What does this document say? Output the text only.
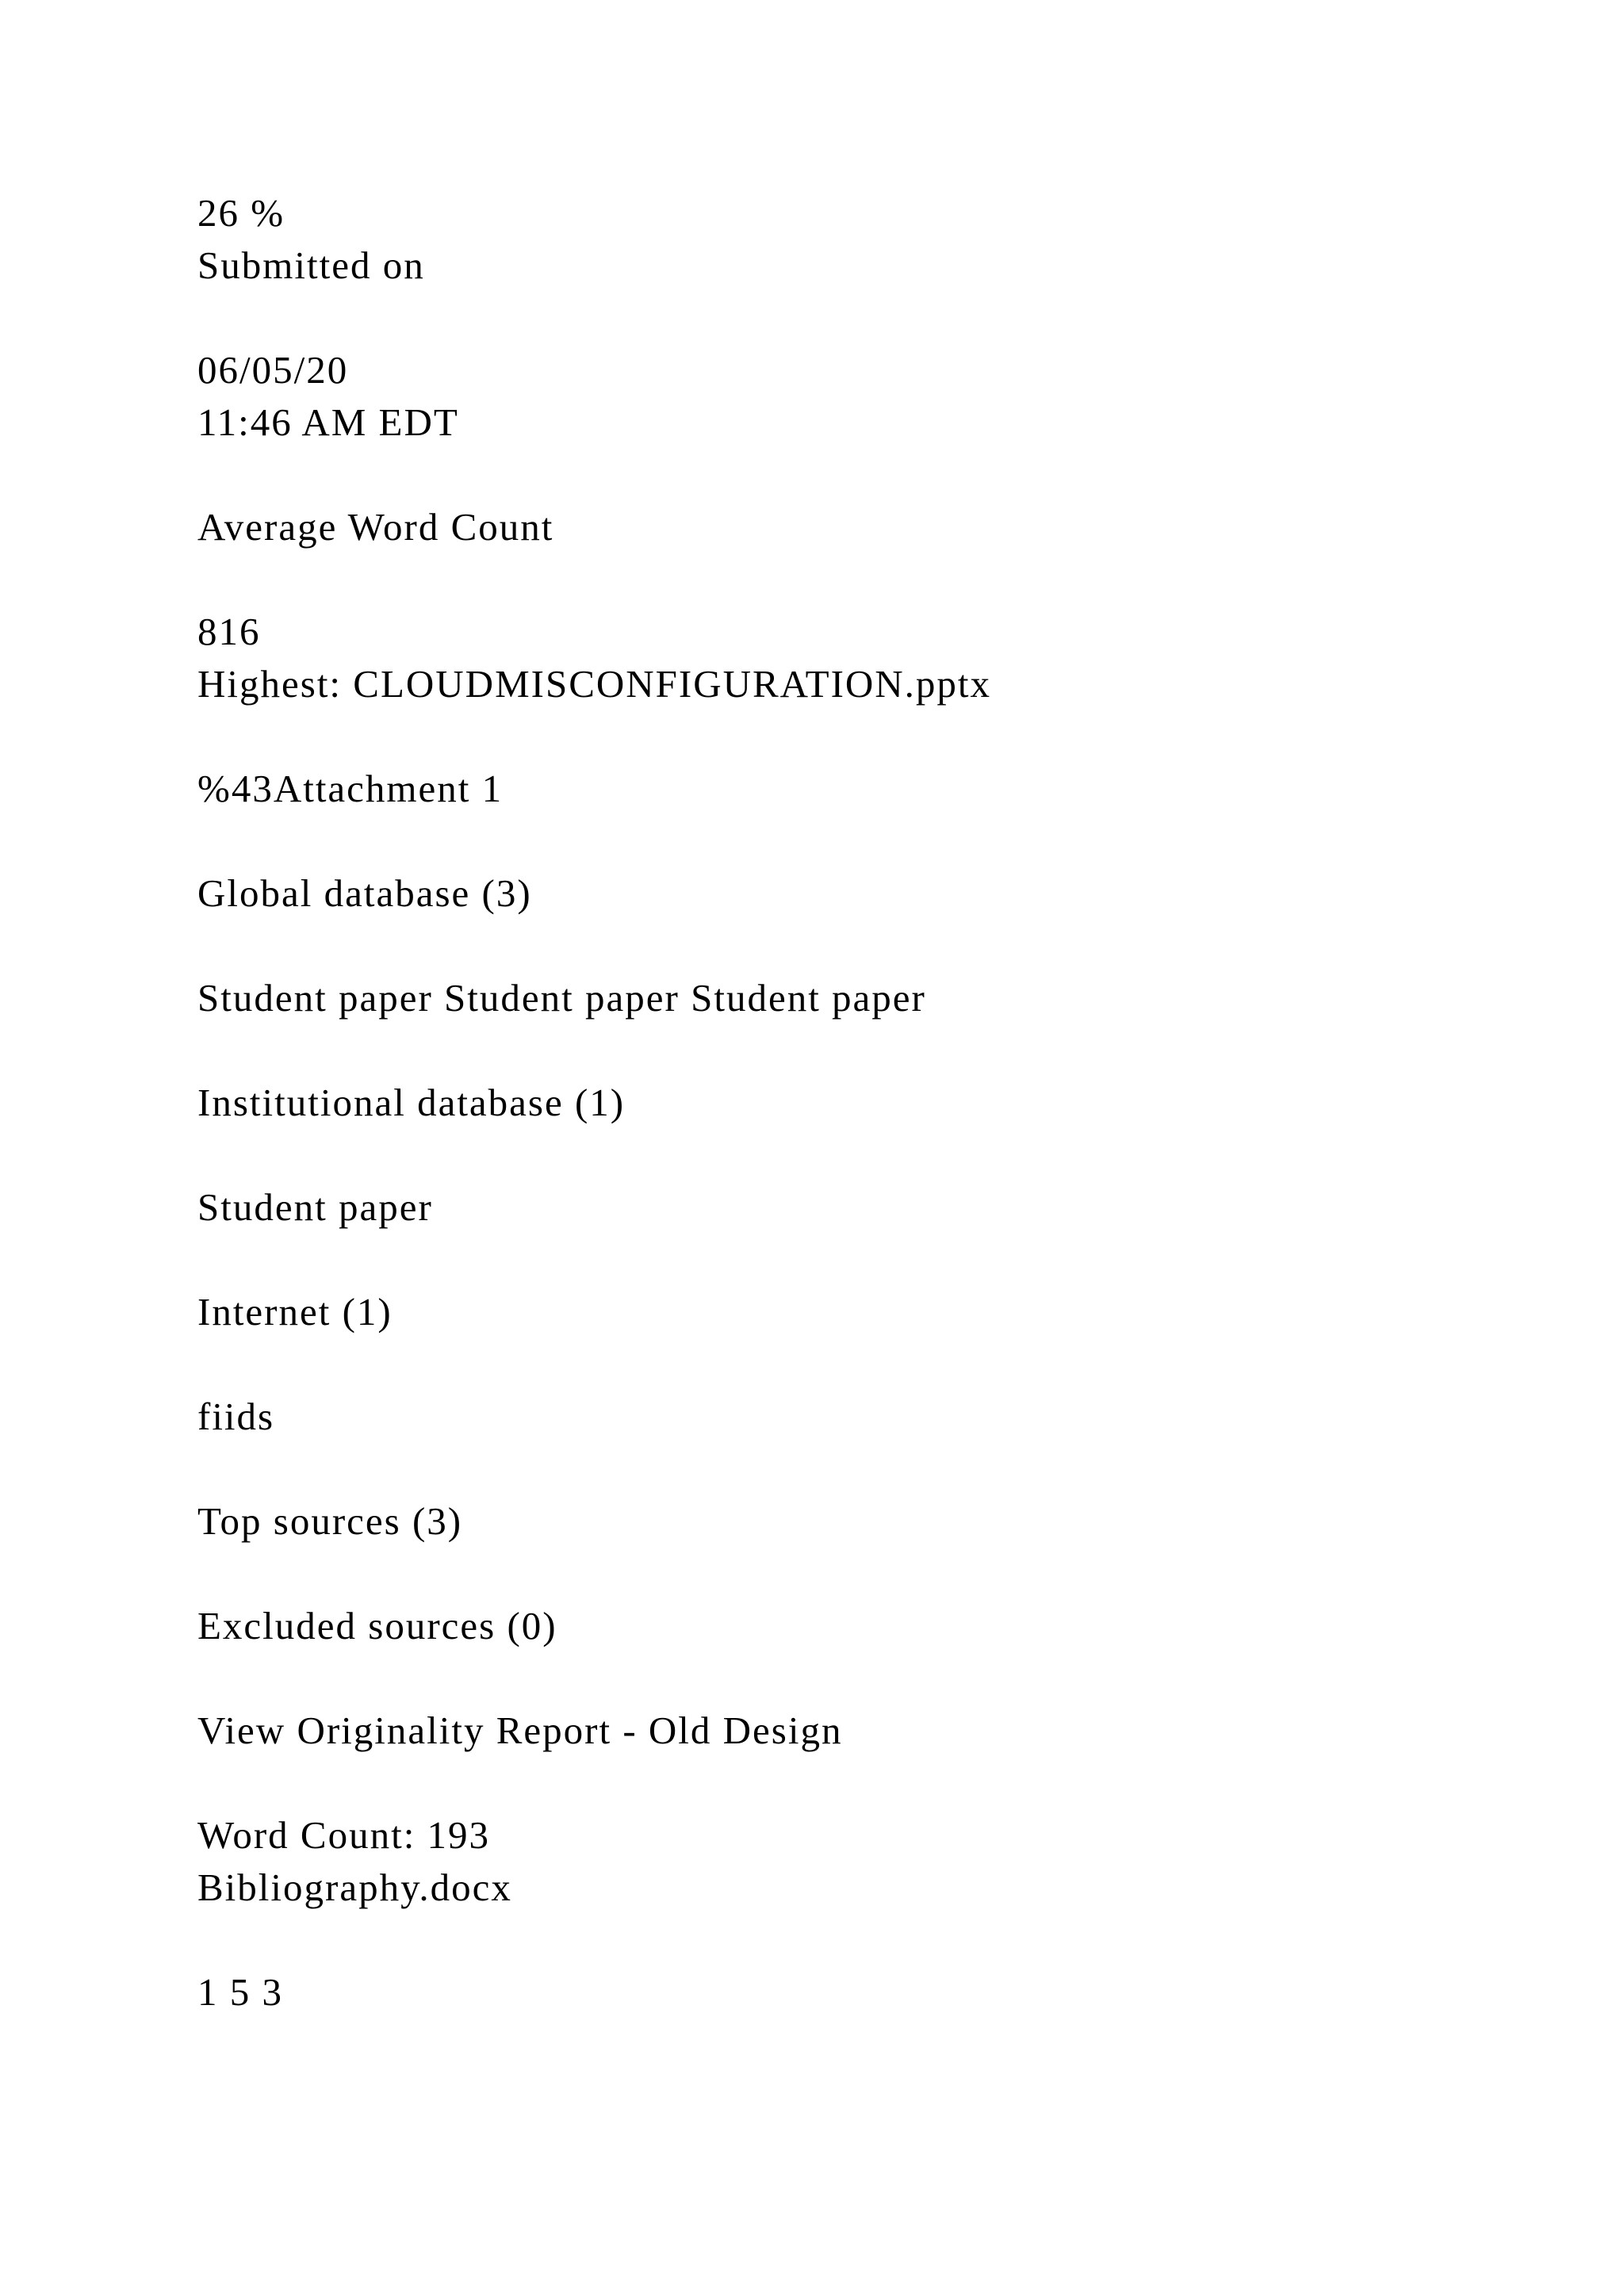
26 %
Submitted on
06/05/20
11:46 AM EDT
Average Word Count
816
Highest: CLOUDMISCONFIGURATION.pptx
%43Attachment 1
Global database (3)
Student paper Student paper Student paper
Institutional database (1)
Student paper
Internet (1)
fiids
Top sources (3)
Excluded sources (0)
View Originality Report - Old Design
Word Count: 193
Bibliography.docx
1 5 3
